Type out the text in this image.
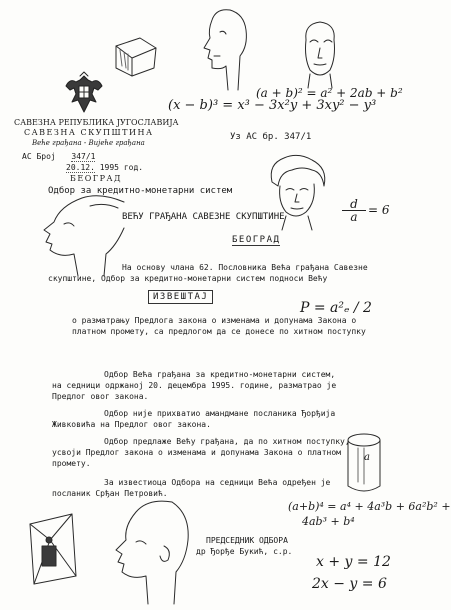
САВЕЗНА РЕПУБЛИКА ЈУГОСЛАВИЈА
САВЕЗНА СКУПШТИНА
Веће грађана - Вијеће грађана
АС Број 347/1
20.12. 1995 год.
БЕОГРАД
Уз АС бр. 347/1
Одбор за кредитно-монетарни систем
ВЕЋУ ГРАЂАНА САВЕЗНЕ СКУПШТИНЕ
БЕОГРАД
На основу члана 62. Пословника Већа грађана Савезне
скупштине, Одбор за кредитно-монетарни систем подноси Већу
ИЗВЕШТАЈ
о разматрању Предлога закона о изменама и допунама Закона о
платном промету, са предлогом да се донесе по хитном поступку
Одбор Већа грађана за кредитно-монетарни систем,
на седници одржаној 20. децембра 1995. године, разматрао је
Предлог овог закона.
Одбор није прихватио амандмане посланика Ђорђија
Живковића на Предлог овог закона.
Одбор предлаже Већу грађана, да по хитном поступку,
усвоји Предлог закона о изменама и допунама Закона о платном
промету.
За известиоца Одбора на седници Већа одређен је
посланик Срђан Петровић.
ПРЕДСЕДНИК ОДБОРА
др Ђорђе Букић, с.р.
(a + b)² = a² + 2ab + b²
(x − b)³ = x³ − 3x²y + 3xy² − y³
$\frac{d}{a} = 6$
P = a²ₑ / 2
(a+b)⁴ = a⁴ + 4a³b + 6a²b² +
4ab³ + b⁴
x + y = 12
2x − y = 6
a
